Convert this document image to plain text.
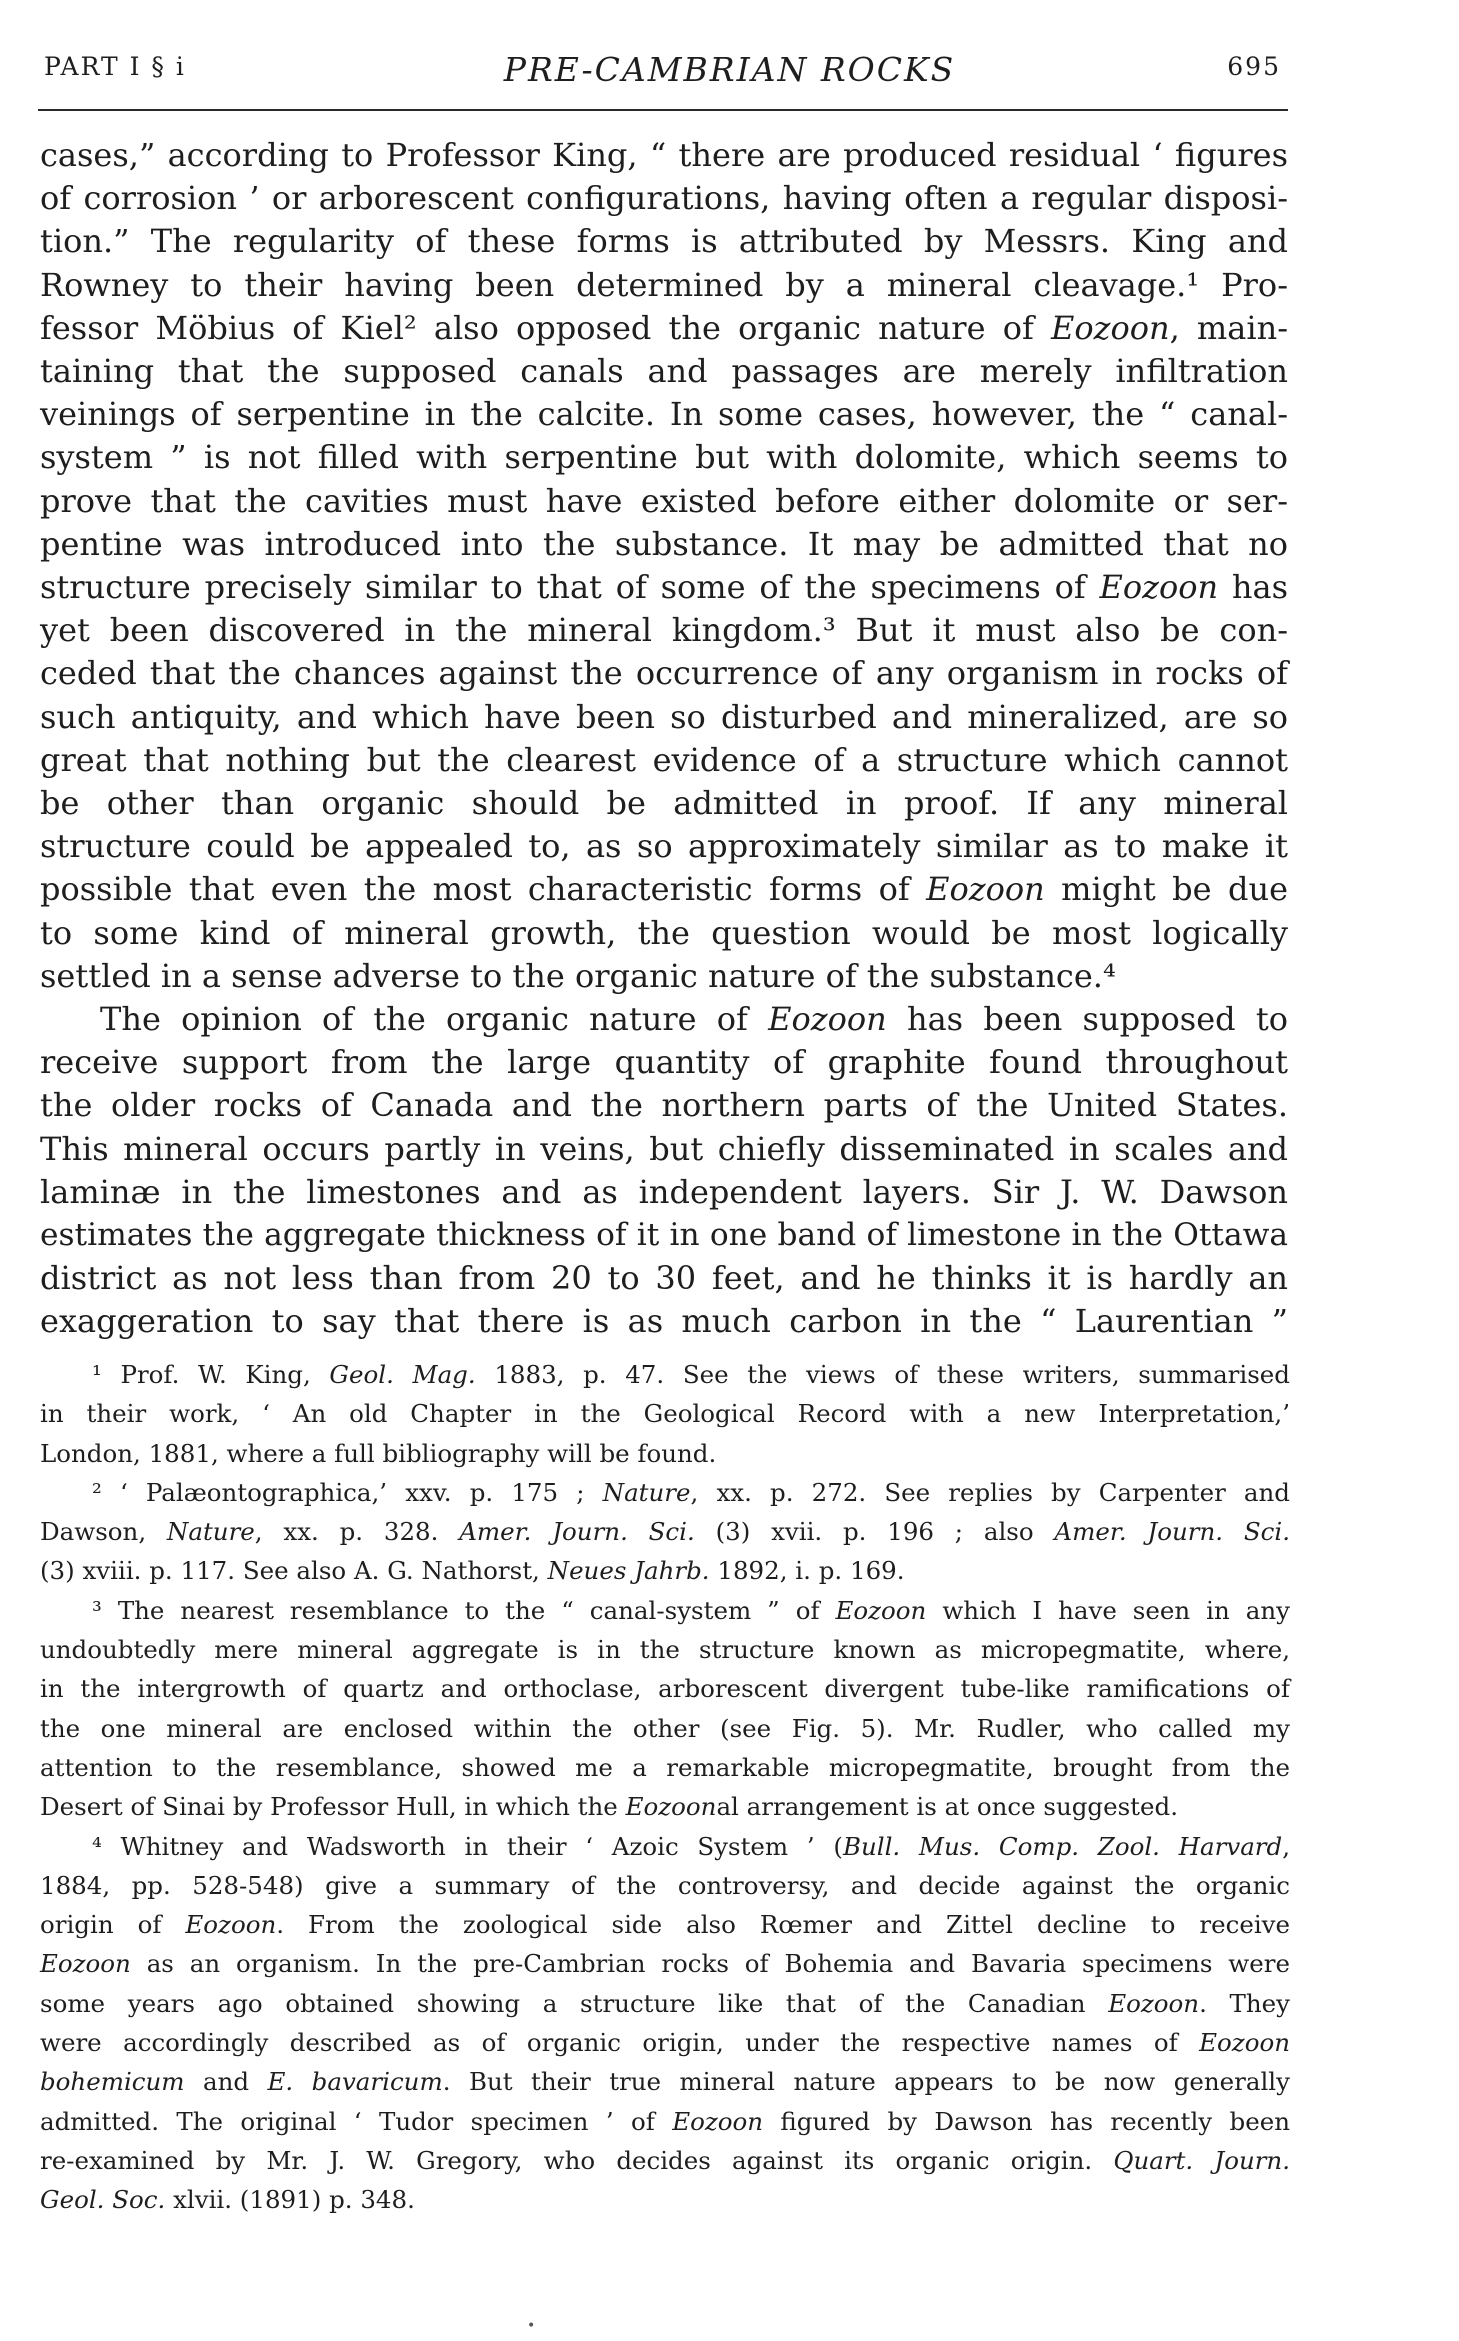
PART I § i	PRE-CAMBRIAN ROCKS	695
cases,” according to Professor King, “ there are produced residual ‘ figures
of corrosion ’ or arborescent configurations, having often a regular disposi-
tion.” The regularity of these forms is attributed by Messrs. King and
Rowney to their having been determined by a mineral cleavage.¹ Pro-
fessor Möbius of Kiel² also opposed the organic nature of Eozoon, main-
taining that the supposed canals and passages are merely infiltration
veinings of serpentine in the calcite. In some cases, however, the “ canal-
system ” is not filled with serpentine but with dolomite, which seems to
prove that the cavities must have existed before either dolomite or ser-
pentine was introduced into the substance. It may be admitted that no
structure precisely similar to that of some of the specimens of Eozoon has
yet been discovered in the mineral kingdom.³ But it must also be con-
ceded that the chances against the occurrence of any organism in rocks of
such antiquity, and which have been so disturbed and mineralized, are so
great that nothing but the clearest evidence of a structure which cannot
be other than organic should be admitted in proof. If any mineral
structure could be appealed to, as so approximately similar as to make it
possible that even the most characteristic forms of Eozoon might be due
to some kind of mineral growth, the question would be most logically
settled in a sense adverse to the organic nature of the substance.⁴
The opinion of the organic nature of Eozoon has been supposed to
receive support from the large quantity of graphite found throughout
the older rocks of Canada and the northern parts of the United States.
This mineral occurs partly in veins, but chiefly disseminated in scales and
laminæ in the limestones and as independent layers. Sir J. W. Dawson
estimates the aggregate thickness of it in one band of limestone in the Ottawa
district as not less than from 20 to 30 feet, and he thinks it is hardly an
exaggeration to say that there is as much carbon in the “ Laurentian ”
¹ Prof. W. King, Geol. Mag. 1883, p. 47. See the views of these writers, summarised
in their work, ‘ An old Chapter in the Geological Record with a new Interpretation,’
London, 1881, where a full bibliography will be found.
² ‘ Palæontographica,’ xxv. p. 175 ; Nature, xx. p. 272. See replies by Carpenter and
Dawson, Nature, xx. p. 328. Amer. Journ. Sci. (3) xvii. p. 196 ; also Amer. Journ. Sci.
(3) xviii. p. 117. See also A. G. Nathorst, Neues Jahrb. 1892, i. p. 169.
³ The nearest resemblance to the “ canal-system ” of Eozoon which I have seen in any
undoubtedly mere mineral aggregate is in the structure known as micropegmatite, where,
in the intergrowth of quartz and orthoclase, arborescent divergent tube-like ramifications of
the one mineral are enclosed within the other (see Fig. 5). Mr. Rudler, who called my
attention to the resemblance, showed me a remarkable micropegmatite, brought from the
Desert of Sinai by Professor Hull, in which the Eozoonal arrangement is at once suggested.
⁴ Whitney and Wadsworth in their ‘ Azoic System ’ (Bull. Mus. Comp. Zool. Harvard,
1884, pp. 528-548) give a summary of the controversy, and decide against the organic
origin of Eozoon. From the zoological side also Rœmer and Zittel decline to receive
Eozoon as an organism. In the pre-Cambrian rocks of Bohemia and Bavaria specimens were
some years ago obtained showing a structure like that of the Canadian Eozoon. They
were accordingly described as of organic origin, under the respective names of Eozoon
bohemicum and E. bavaricum. But their true mineral nature appears to be now generally
admitted. The original ‘ Tudor specimen ’ of Eozoon figured by Dawson has recently been
re-examined by Mr. J. W. Gregory, who decides against its organic origin. Quart. Journ.
Geol. Soc. xlvii. (1891) p. 348.
•
